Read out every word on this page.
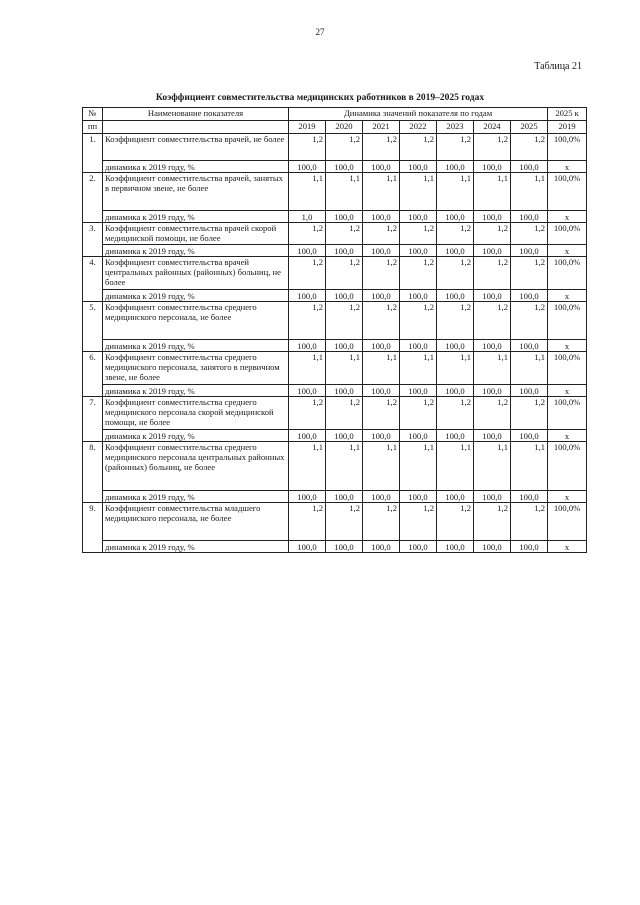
27
Таблица 21
Коэффициент совместительства медицинских работников в 2019–2025 годах
№	Наименование показателя	Динамика значений показателя по годам							2025 к
пп		2019	2020	2021	2022	2023	2024	2025	2019
1.	Коэффициент совместительства врачей, не более	1,2	1,2	1,2	1,2	1,2	1,2	1,2	100,0%
	динамика к 2019 году, %	100,0	100,0	100,0	100,0	100,0	100,0	100,0	х
2.	Коэффициент совместительства врачей, занятых в первичном звене, не более	1,1	1,1	1,1	1,1	1,1	1,1	1,1	100,0%
	динамика к 2019 году, %	1,0	100,0	100,0	100,0	100,0	100,0	100,0	х
3.	Коэффициент совместительства врачей скорой медицинской помощи, не более	1,2	1,2	1,2	1,2	1,2	1,2	1,2	100,0%
	динамика к 2019 году, %	100,0	100,0	100,0	100,0	100,0	100,0	100,0	х
4.	Коэффициент совместительства врачей центральных районных (районных) больниц, не более	1,2	1,2	1,2	1,2	1,2	1,2	1,2	100,0%
	динамика к 2019 году, %	100,0	100,0	100,0	100,0	100,0	100,0	100,0	х
5.	Коэффициент совместительства среднего медицинского персонала, не более	1,2	1,2	1,2	1,2	1,2	1,2	1,2	100,0%
	динамика к 2019 году, %	100,0	100,0	100,0	100,0	100,0	100,0	100,0	х
6.	Коэффициент совместительства среднего медицинского персонала, занятого в первичном звене, не более	1,1	1,1	1,1	1,1	1,1	1,1	1,1	100,0%
	динамика к 2019 году, %	100,0	100,0	100,0	100,0	100,0	100,0	100,0	х
7.	Коэффициент совместительства среднего медицинского персонала скорой медицинской помощи, не более	1,2	1,2	1,2	1,2	1,2	1,2	1,2	100,0%
	динамика к 2019 году, %	100,0	100,0	100,0	100,0	100,0	100,0	100,0	х
8.	Коэффициент совместительства среднего медицинского персонала центральных районных (районных) больниц, не более	1,1	1,1	1,1	1,1	1,1	1,1	1,1	100,0%
	динамика к 2019 году, %	100,0	100,0	100,0	100,0	100,0	100,0	100,0	х
9.	Коэффициент совместительства младшего медицинского персонала, не более	1,2	1,2	1,2	1,2	1,2	1,2	1,2	100,0%
	динамика к 2019 году, %	100,0	100,0	100,0	100,0	100,0	100,0	100,0	х
